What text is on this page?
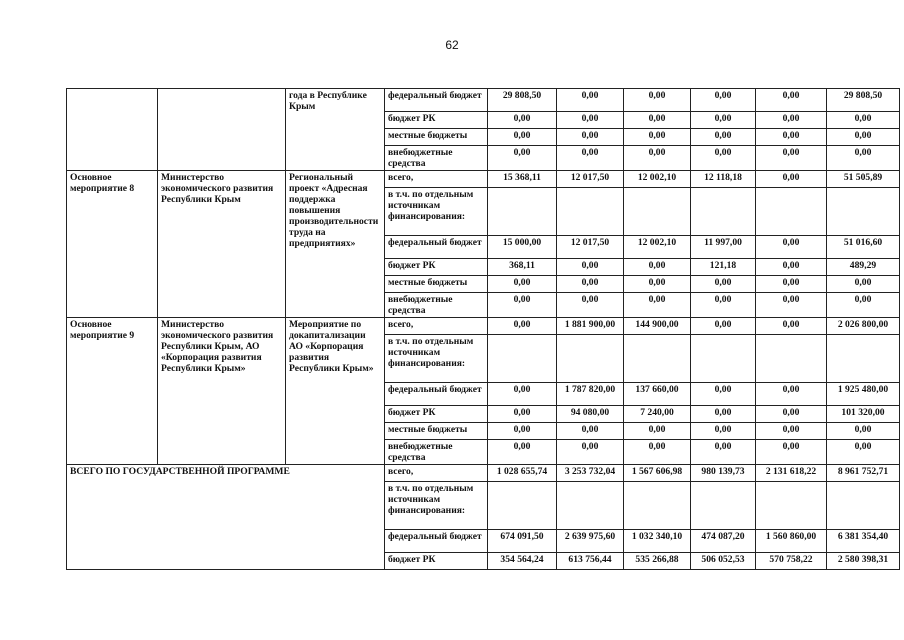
62
		года в Республике Крым	федеральный бюджет	29 808,50	0,00	0,00	0,00	0,00	29 808,50
			бюджет РК	0,00	0,00	0,00	0,00	0,00	0,00
			местные бюджеты	0,00	0,00	0,00	0,00	0,00	0,00
			внебюджетные средства	0,00	0,00	0,00	0,00	0,00	0,00
Основное мероприятие 8	Министерство экономического развития Республики Крым	Региональный проект «Адресная поддержка повышения производительности труда на предприятиях»	всего,	15 368,11	12 017,50	12 002,10	12 118,18	0,00	51 505,89
			в т.ч. по отдельным источникам финансирования:						
			федеральный бюджет	15 000,00	12 017,50	12 002,10	11 997,00	0,00	51 016,60
			бюджет РК	368,11	0,00	0,00	121,18	0,00	489,29
			местные бюджеты	0,00	0,00	0,00	0,00	0,00	0,00
			внебюджетные средства	0,00	0,00	0,00	0,00	0,00	0,00
Основное мероприятие 9	Министерство экономического развития Республики Крым, АО «Корпорация развития Республики Крым»	Мероприятие по докапитализации АО «Корпорация развития Республики Крым»	всего,	0,00	1 881 900,00	144 900,00	0,00	0,00	2 026 800,00
			в т.ч. по отдельным источникам финансирования:						
			федеральный бюджет	0,00	1 787 820,00	137 660,00	0,00	0,00	1 925 480,00
			бюджет РК	0,00	94 080,00	7 240,00	0,00	0,00	101 320,00
			местные бюджеты	0,00	0,00	0,00	0,00	0,00	0,00
			внебюджетные средства	0,00	0,00	0,00	0,00	0,00	0,00
ВСЕГО ПО ГОСУДАРСТВЕННОЙ ПРОГРАММЕ			всего,	1 028 655,74	3 253 732,04	1 567 606,98	980 139,73	2 131 618,22	8 961 752,71
			в т.ч. по отдельным источникам финансирования:						
			федеральный бюджет	674 091,50	2 639 975,60	1 032 340,10	474 087,20	1 560 860,00	6 381 354,40
			бюджет РК	354 564,24	613 756,44	535 266,88	506 052,53	570 758,22	2 580 398,31
